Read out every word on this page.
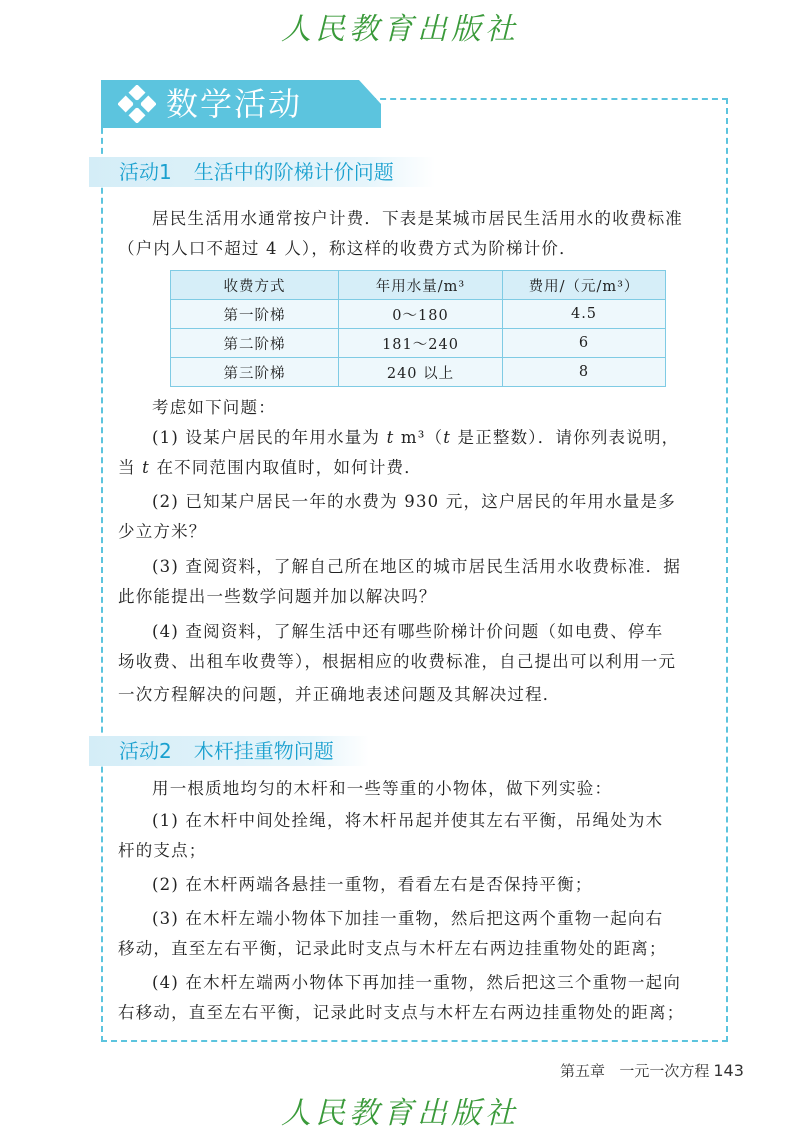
人民教育出版社
数学活动
活动1 生活中的阶梯计价问题

居民生活用水通常按户计费．下表是某城市居民生活用水的收费标准

（户内人口不超过 4 人），称这样的收费方式为阶梯计价．

收费方式	年用水量/m³	费用/（元/m³）
第一阶梯	0～180	4.5
第二阶梯	181～240	6
第三阶梯	240 以上	8

考虑如下问题：

(1) 设某户居民的年用水量为 t m³（t 是正整数）．请你列表说明，

当 t 在不同范围内取值时，如何计费．

(2) 已知某户居民一年的水费为 930 元，这户居民的年用水量是多

少立方米？

(3) 查阅资料，了解自己所在地区的城市居民生活用水收费标准．据

此你能提出一些数学问题并加以解决吗？

(4) 查阅资料，了解生活中还有哪些阶梯计价问题（如电费、停车

场收费、出租车收费等），根据相应的收费标准，自己提出可以利用一元

一次方程解决的问题，并正确地表述问题及其解决过程．

活动2 木杆挂重物问题

用一根质地均匀的木杆和一些等重的小物体，做下列实验：

(1) 在木杆中间处拴绳，将木杆吊起并使其左右平衡，吊绳处为木

杆的支点；

(2) 在木杆两端各悬挂一重物，看看左右是否保持平衡；

(3) 在木杆左端小物体下加挂一重物，然后把这两个重物一起向右

移动，直至左右平衡，记录此时支点与木杆左右两边挂重物处的距离；

(4) 在木杆左端两小物体下再加挂一重物，然后把这三个重物一起向

右移动，直至左右平衡，记录此时支点与木杆左右两边挂重物处的距离；

第五章 一元一次方程 143
人民教育出版社
